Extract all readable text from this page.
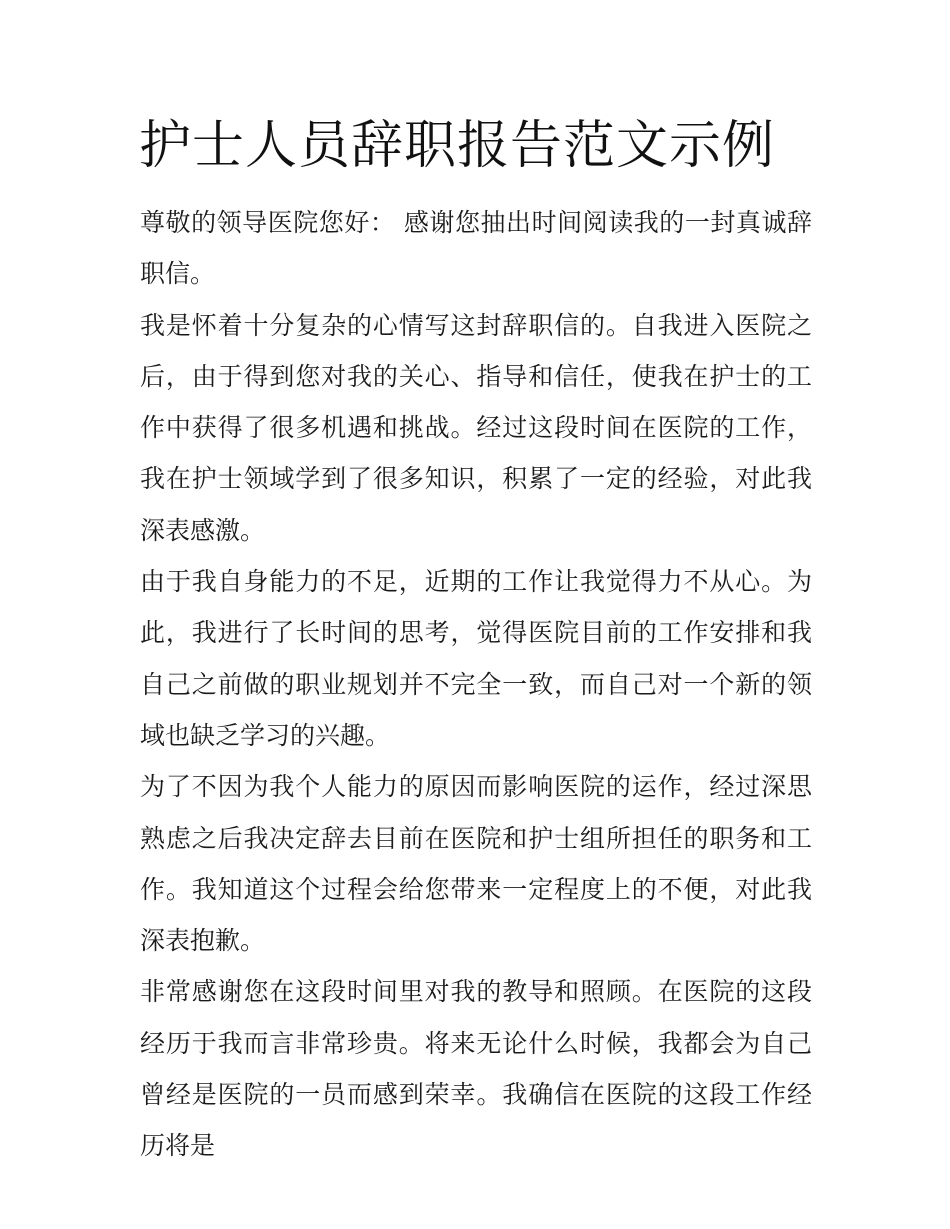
护士人员辞职报告范文示例

尊敬的领导医院您好： 感谢您抽出时间阅读我的一封真诚辞职信。

我是怀着十分复杂的心情写这封辞职信的。自我进入医院之后，由于得到您对我的关心、指导和信任，使我在护士的工作中获得了很多机遇和挑战。经过这段时间在医院的工作，我在护士领域学到了很多知识，积累了一定的经验，对此我深表感激。

由于我自身能力的不足，近期的工作让我觉得力不从心。为此，我进行了长时间的思考，觉得医院目前的工作安排和我自己之前做的职业规划并不完全一致，而自己对一个新的领域也缺乏学习的兴趣。

为了不因为我个人能力的原因而影响医院的运作，经过深思熟虑之后我决定辞去目前在医院和护士组所担任的职务和工作。我知道这个过程会给您带来一定程度上的不便，对此我深表抱歉。

非常感谢您在这段时间里对我的教导和照顾。在医院的这段经历于我而言非常珍贵。将来无论什么时候，我都会为自己曾经是医院的一员而感到荣幸。我确信在医院的这段工作经历将是
